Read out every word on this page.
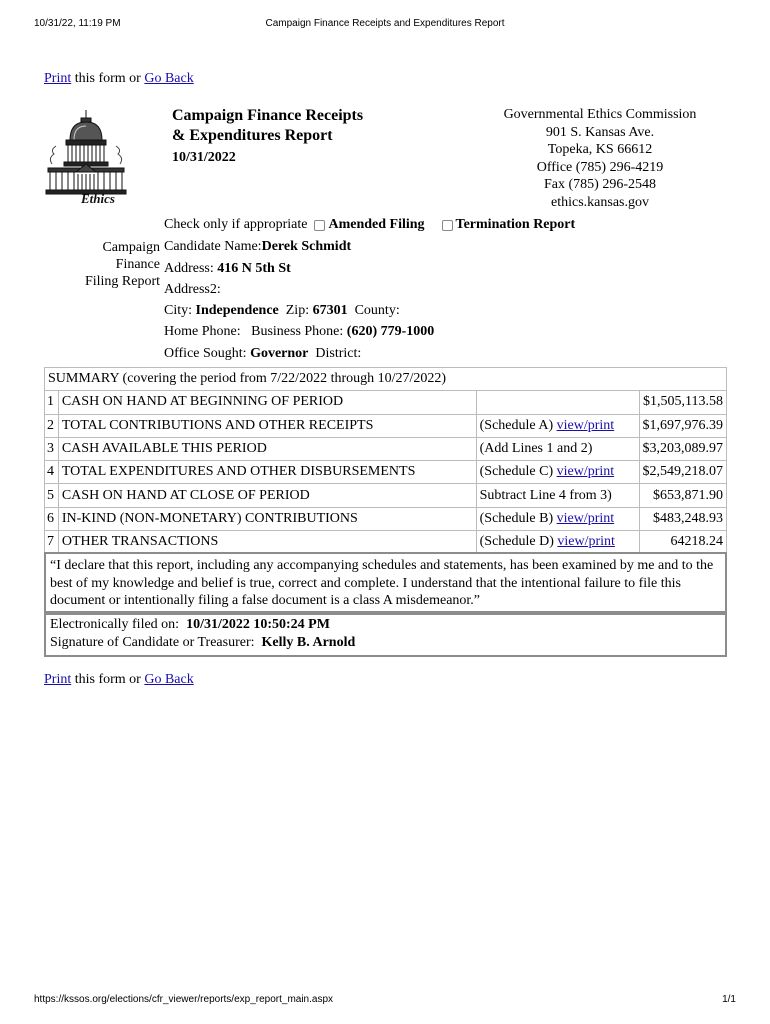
10/31/22, 11:19 PM	Campaign Finance Receipts and Expenditures Report
Print this form or Go Back
Ethics
Campaign Finance Receipts
& Expenditures Report
10/31/2022
Governmental Ethics Commission
901 S. Kansas Ave.
Topeka, KS 66612
Office (785) 296-4219
Fax (785) 296-2548
ethics.kansas.gov
Check only if appropriate Amended Filing Termination Report
Campaign
Finance
Filing Report
Candidate Name:Derek Schmidt
Address: 416 N 5th St
Address2:
City: Independence Zip: 67301 County:
Home Phone: Business Phone: (620) 779-1000
Office Sought: Governor District:
SUMMARY (covering the period from 7/22/2022 through 10/27/2022)			
1	CASH ON HAND AT BEGINNING OF PERIOD		$1,505,113.58
2	TOTAL CONTRIBUTIONS AND OTHER RECEIPTS	(Schedule A) view/print	$1,697,976.39
3	CASH AVAILABLE THIS PERIOD	(Add Lines 1 and 2)	$3,203,089.97
4	TOTAL EXPENDITURES AND OTHER DISBURSEMENTS	(Schedule C) view/print	$2,549,218.07
5	CASH ON HAND AT CLOSE OF PERIOD	Subtract Line 4 from 3)	$653,871.90
6	IN-KIND (NON-MONETARY) CONTRIBUTIONS	(Schedule B) view/print	$483,248.93
7	OTHER TRANSACTIONS	(Schedule D) view/print	64218.24
“I declare that this report, including any accompanying schedules and statements, has been examined by me and to the best of my knowledge and belief is true, correct and complete. I understand that the intentional failure to file this document or intentionally filing a false document is a class A misdemeanor.”
Electronically filed on: 10/31/2022 10:50:24 PM
Signature of Candidate or Treasurer: Kelly B. Arnold
Print this form or Go Back
https://kssos.org/elections/cfr_viewer/reports/exp_report_main.aspx	1/1
